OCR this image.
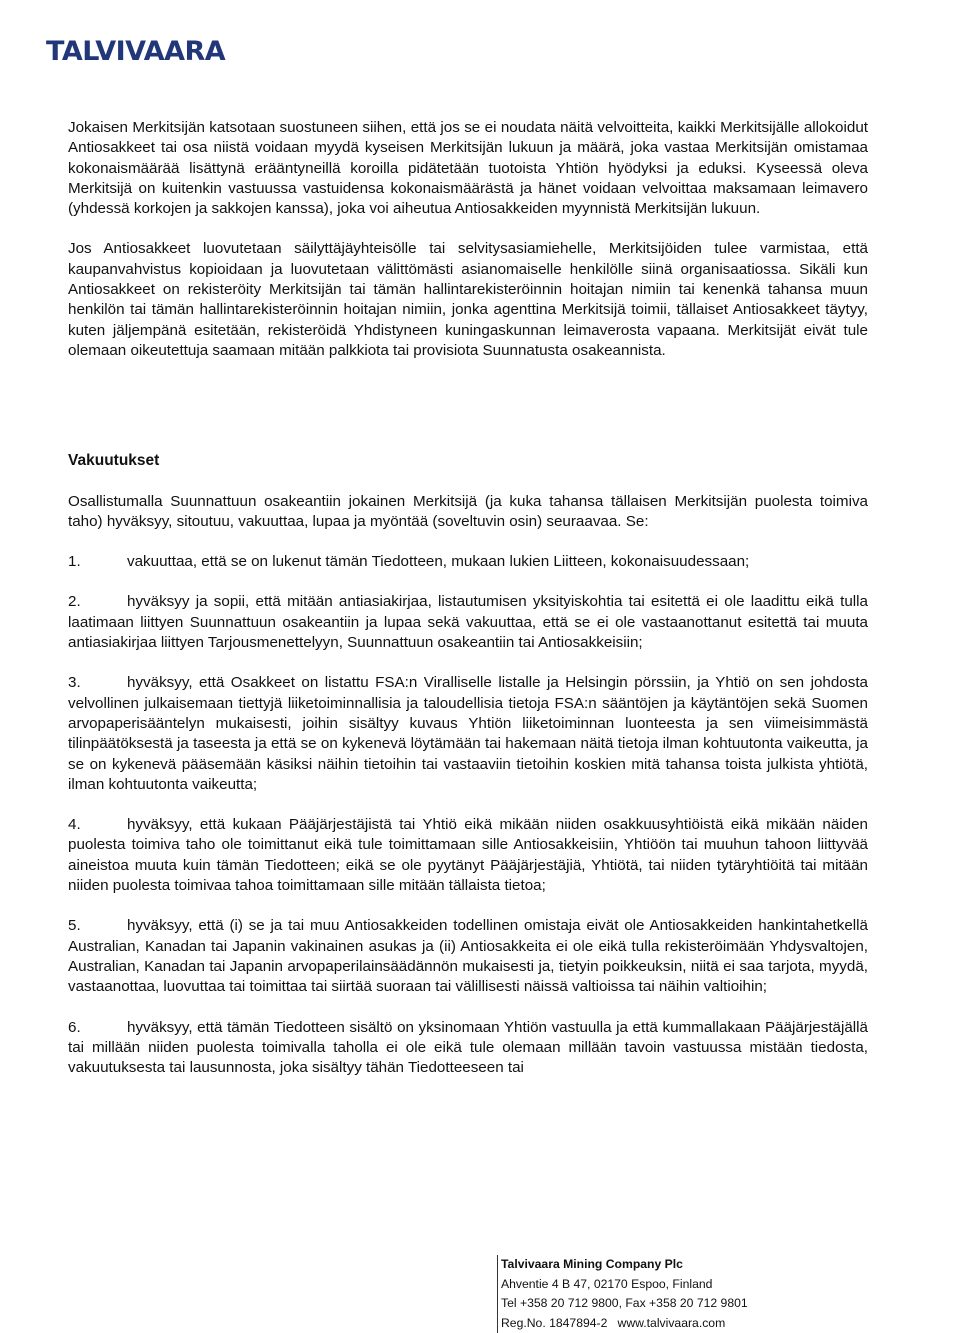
TALVIVAARA

Jokaisen Merkitsijän katsotaan suostuneen siihen, että jos se ei noudata näitä velvoitteita, kaikki Merkitsijälle allokoidut Antiosakkeet tai osa niistä voidaan myydä kyseisen Merkitsijän lukuun ja määrä, joka vastaa Merkitsijän omistamaa kokonaismäärää lisättynä erääntyneillä koroilla pidätetään tuotoista Yhtiön hyödyksi ja eduksi. Kyseessä oleva Merkitsijä on kuitenkin vastuussa vastuidensa kokonaismäärästä ja hänet voidaan velvoittaa maksamaan leimavero (yhdessä korkojen ja sakkojen kanssa), joka voi aiheutua Antiosakkeiden myynnistä Merkitsijän lukuun.

Jos Antiosakkeet luovutetaan säilyttäjäyhteisölle tai selvitysasiamiehelle, Merkitsijöiden tulee varmistaa, että kaupanvahvistus kopioidaan ja luovutetaan välittömästi asianomaiselle henkilölle siinä organisaatiossa. Sikäli kun Antiosakkeet on rekisteröity Merkitsijän tai tämän hallintarekisteröinnin hoitajan nimiin tai kenenkä tahansa muun henkilön tai tämän hallintarekisteröinnin hoitajan nimiin, jonka agenttina Merkitsijä toimii, tällaiset Antiosakkeet täytyy, kuten jäljempänä esitetään, rekisteröidä Yhdistyneen kuningaskunnan leimaverosta vapaana. Merkitsijät eivät tule olemaan oikeutettuja saamaan mitään palkkiota tai provisiota Suunnatusta osakeannista.

Vakuutukset

Osallistumalla Suunnattuun osakeantiin jokainen Merkitsijä (ja kuka tahansa tällaisen Merkitsijän puolesta toimiva taho) hyväksyy, sitoutuu, vakuuttaa, lupaa ja myöntää (soveltuvin osin) seuraavaa. Se:

1.	vakuuttaa, että se on lukenut tämän Tiedotteen, mukaan lukien Liitteen, kokonaisuudessaan;

2.	hyväksyy ja sopii, että mitään antiasiakirjaa, listautumisen yksityiskohtia tai esitettä ei ole laadittu eikä tulla laatimaan liittyen Suunnattuun osakeantiin ja lupaa sekä vakuuttaa, että se ei ole vastaanottanut esitettä tai muuta antiasiakirjaa liittyen Tarjousmenettelyyn, Suunnattuun osakeantiin tai Antiosakkeisiin;

3.	hyväksyy, että Osakkeet on listattu FSA:n Viralliselle listalle ja Helsingin pörssiin, ja Yhtiö on sen johdosta velvollinen julkaisemaan tiettyjä liiketoiminnallisia ja taloudellisia tietoja FSA:n sääntöjen ja käytäntöjen sekä Suomen arvopaperisääntelyn mukaisesti, joihin sisältyy kuvaus Yhtiön liiketoiminnan luonteesta ja sen viimeisimmästä tilinpäätöksestä ja taseesta ja että se on kykenevä löytämään tai hakemaan näitä tietoja ilman kohtuutonta vaikeutta, ja se on kykenevä pääsemään käsiksi näihin tietoihin tai vastaaviin tietoihin koskien mitä tahansa toista julkista yhtiötä, ilman kohtuutonta vaikeutta;

4.	hyväksyy, että kukaan Pääjärjestäjistä tai Yhtiö eikä mikään niiden osakkuusyhtiöistä eikä mikään näiden puolesta toimiva taho ole toimittanut eikä tule toimittamaan sille Antiosakkeisiin, Yhtiöön tai muuhun tahoon liittyvää aineistoa muuta kuin tämän Tiedotteen; eikä se ole pyytänyt Pääjärjestäjiä, Yhtiötä, tai niiden tytäryhtiöitä tai mitään niiden puolesta toimivaa tahoa toimittamaan sille mitään tällaista tietoa;

5.	hyväksyy, että (i) se ja tai muu Antiosakkeiden todellinen omistaja eivät ole Antiosakkeiden hankintahetkellä Australian, Kanadan tai Japanin vakinainen asukas ja (ii) Antiosakkeita ei ole eikä tulla rekisteröimään Yhdysvaltojen, Australian, Kanadan tai Japanin arvopaperilainsäädännön mukaisesti ja, tietyin poikkeuksin, niitä ei saa tarjota, myydä, vastaanottaa, luovuttaa tai toimittaa tai siirtää suoraan tai välillisesti näissä valtioissa tai näihin valtioihin;

6.	hyväksyy, että tämän Tiedotteen sisältö on yksinomaan Yhtiön vastuulla ja että kummallakaan Pääjärjestäjällä tai millään niiden puolesta toimivalla taholla ei ole eikä tule olemaan millään tavoin vastuussa mistään tiedosta, vakuutuksesta tai lausunnosta, joka sisältyy tähän Tiedotteeseen tai

Talvivaara Mining Company Plc
Ahventie 4 B 47, 02170 Espoo, Finland
Tel +358 20 712 9800, Fax +358 20 712 9801
Reg.No. 1847894-2   www.talvivaara.com
